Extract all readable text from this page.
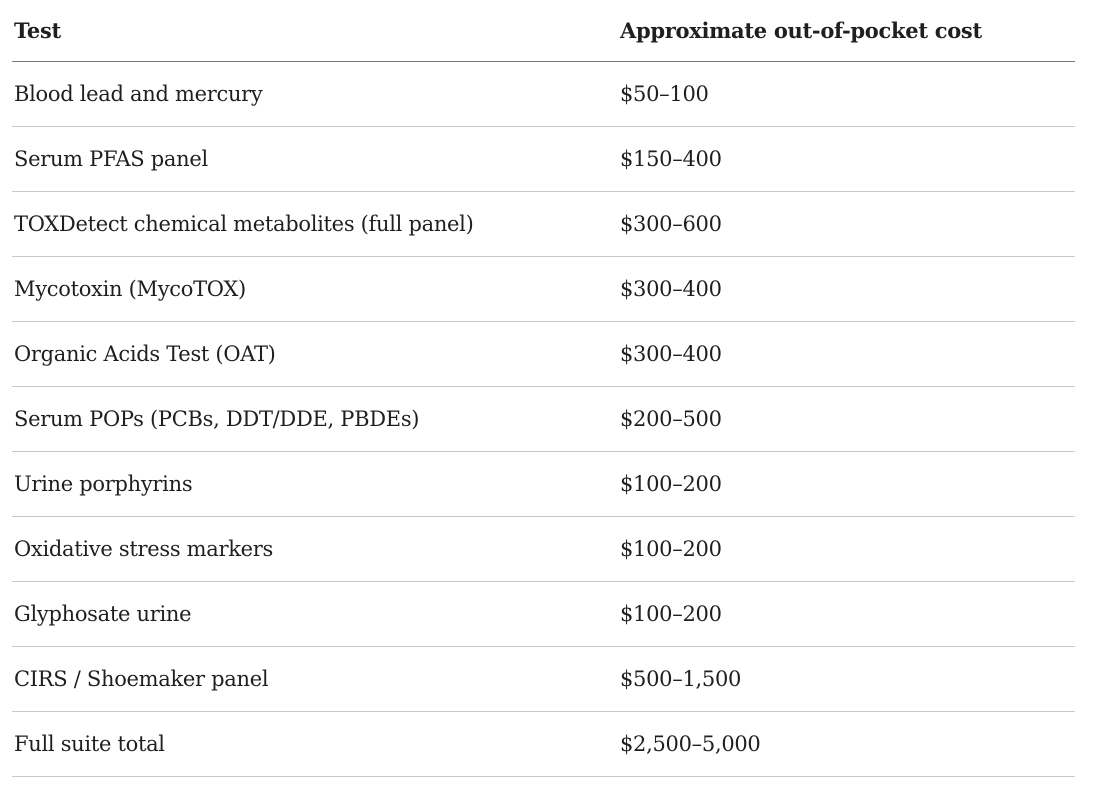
Test	Approximate out-of-pocket cost
Blood lead and mercury	$50–100
Serum PFAS panel	$150–400
TOXDetect chemical metabolites (full panel)	$300–600
Mycotoxin (MycoTOX)	$300–400
Organic Acids Test (OAT)	$300–400
Serum POPs (PCBs, DDT/DDE, PBDEs)	$200–500
Urine porphyrins	$100–200
Oxidative stress markers	$100–200
Glyphosate urine	$100–200
CIRS / Shoemaker panel	$500–1,500
Full suite total	$2,500–5,000
